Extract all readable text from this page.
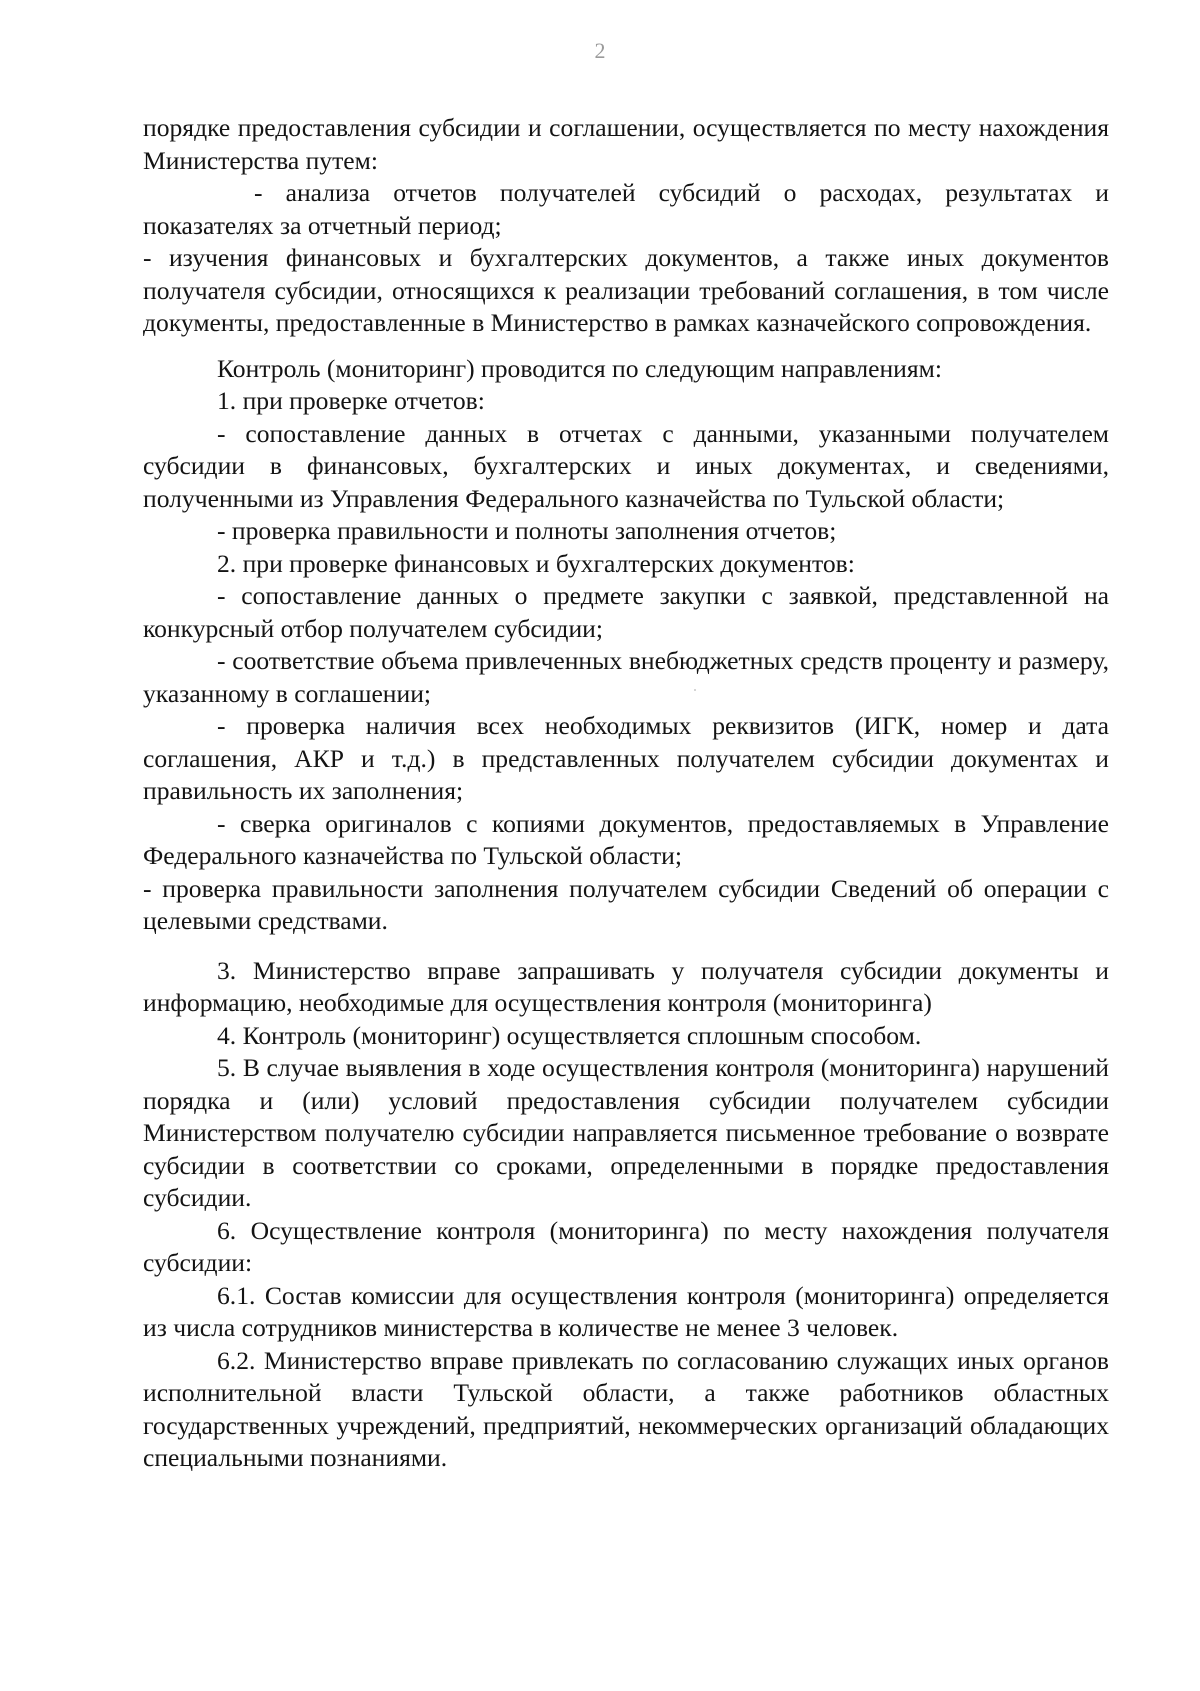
2

порядке предоставления субсидии и соглашении, осуществляется по месту нахождения Министерства путем:

- анализа отчетов получателей субсидий о расходах, результатах и показателях за отчетный период;

- изучения финансовых и бухгалтерских документов, а также иных документов получателя субсидии, относящихся к реализации требований соглашения, в том числе документы, предоставленные в Министерство в рамках казначейского сопровождения.

Контроль (мониторинг) проводится по следующим направлениям:

1. при проверке отчетов:

- сопоставление данных в отчетах с данными, указанными получателем субсидии в финансовых, бухгалтерских и иных документах, и сведениями, полученными из Управления Федерального казначейства по Тульской области;

- проверка правильности и полноты заполнения отчетов;

2. при проверке финансовых и бухгалтерских документов:

- сопоставление данных о предмете закупки с заявкой, представленной на конкурсный отбор получателем субсидии;

- соответствие объема привлеченных внебюджетных средств проценту и размеру, указанному в соглашении;

- проверка наличия всех необходимых реквизитов (ИГК, номер и дата соглашения, АКР и т.д.) в представленных получателем субсидии документах и правильность их заполнения;

- сверка оригиналов с копиями документов, предоставляемых в Управление Федерального казначейства по Тульской области;

- проверка правильности заполнения получателем субсидии Сведений об операции с целевыми средствами.

3. Министерство вправе запрашивать у получателя субсидии документы и информацию, необходимые для осуществления контроля (мониторинга)

4. Контроль (мониторинг) осуществляется сплошным способом.

5. В случае выявления в ходе осуществления контроля (мониторинга) нарушений порядка и (или) условий предоставления субсидии получателем субсидии Министерством получателю субсидии направляется письменное требование о возврате субсидии в соответствии со сроками, определенными в порядке предоставления субсидии.

6. Осуществление контроля (мониторинга) по месту нахождения получателя субсидии:

6.1. Состав комиссии для осуществления контроля (мониторинга) определяется из числа сотрудников министерства в количестве не менее 3 человек.

6.2. Министерство вправе привлекать по согласованию служащих иных органов исполнительной власти Тульской области, а также работников областных государственных учреждений, предприятий, некоммерческих организаций обладающих специальными познаниями.
